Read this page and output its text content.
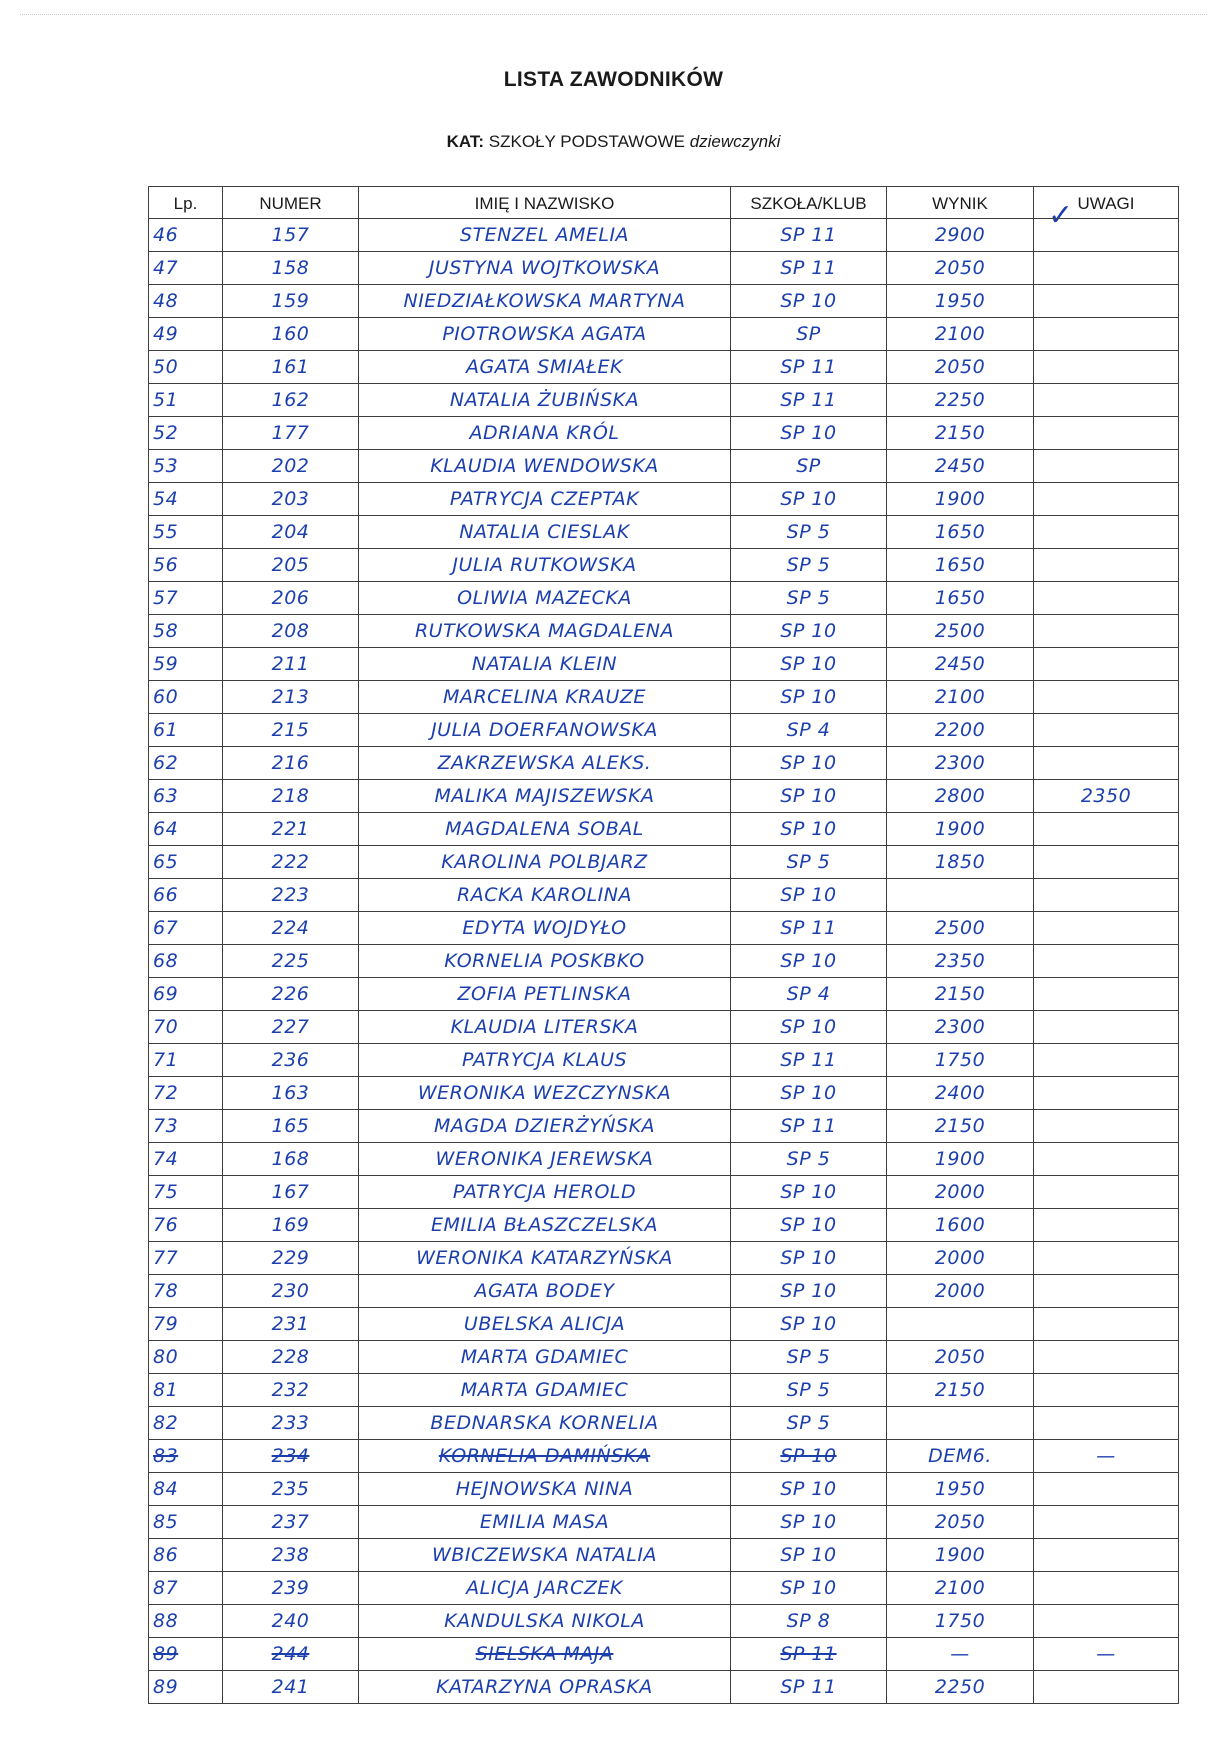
LISTA ZAWODNIKÓW
KAT: SZKOŁY PODSTAWOWE dziewczynki
✓
Lp.	NUMER	IMIĘ I NAZWISKO	SZKOŁA/KLUB	WYNIK	UWAGI
46	157	STENZEL AMELIA	SP 11	2900	
47	158	JUSTYNA WOJTKOWSKA	SP 11	2050	
48	159	NIEDZIAŁKOWSKA MARTYNA	SP 10	1950	
49	160	PIOTROWSKA AGATA	SP	2100	
50	161	AGATA SMIAŁEK	SP 11	2050	
51	162	NATALIA ŻUBIŃSKA	SP 11	2250	
52	177	ADRIANA KRÓL	SP 10	2150	
53	202	KLAUDIA WENDOWSKA	SP	2450	
54	203	PATRYCJA CZEPTAK	SP 10	1900	
55	204	NATALIA CIESLAK	SP 5	1650	
56	205	JULIA RUTKOWSKA	SP 5	1650	
57	206	OLIWIA MAZECKA	SP 5	1650	
58	208	RUTKOWSKA MAGDALENA	SP 10	2500	
59	211	NATALIA KLEIN	SP 10	2450	
60	213	MARCELINA KRAUZE	SP 10	2100	
61	215	JULIA DOERFANOWSKA	SP 4	2200	
62	216	ZAKRZEWSKA ALEKS.	SP 10	2300	
63	218	MALIKA MAJISZEWSKA	SP 10	2800	2350
64	221	MAGDALENA SOBAL	SP 10	1900	
65	222	KAROLINA POLBJARZ	SP 5	1850	
66	223	RACKA KAROLINA	SP 10		
67	224	EDYTA WOJDYŁO	SP 11	2500	
68	225	KORNELIA POSKBKO	SP 10	2350	
69	226	ZOFIA PETLINSKA	SP 4	2150	
70	227	KLAUDIA LITERSKA	SP 10	2300	
71	236	PATRYCJA KLAUS	SP 11	1750	
72	163	WERONIKA WEZCZYNSKA	SP 10	2400	
73	165	MAGDA DZIERŻYŃSKA	SP 11	2150	
74	168	WERONIKA JEREWSKA	SP 5	1900	
75	167	PATRYCJA HEROLD	SP 10	2000	
76	169	EMILIA BŁASZCZELSKA	SP 10	1600	
77	229	WERONIKA KATARZYŃSKA	SP 10	2000	
78	230	AGATA BODEY	SP 10	2000	
79	231	UBELSKA ALICJA	SP 10		
80	228	MARTA GDAMIEC	SP 5	2050	
81	232	MARTA GDAMIEC	SP 5	2150	
82	233	BEDNARSKA KORNELIA	SP 5		
83	234	KORNELIA DAMIŃSKA	SP 10	DEM6.	—
84	235	HEJNOWSKA NINA	SP 10	1950	
85	237	EMILIA MASA	SP 10	2050	
86	238	WBICZEWSKA NATALIA	SP 10	1900	
87	239	ALICJA JARCZEK	SP 10	2100	
88	240	KANDULSKA NIKOLA	SP 8	1750	
89	244	SIELSKA MAJA	SP 11	—	—
89	241	KATARZYNA OPRASKA	SP 11	2250	
